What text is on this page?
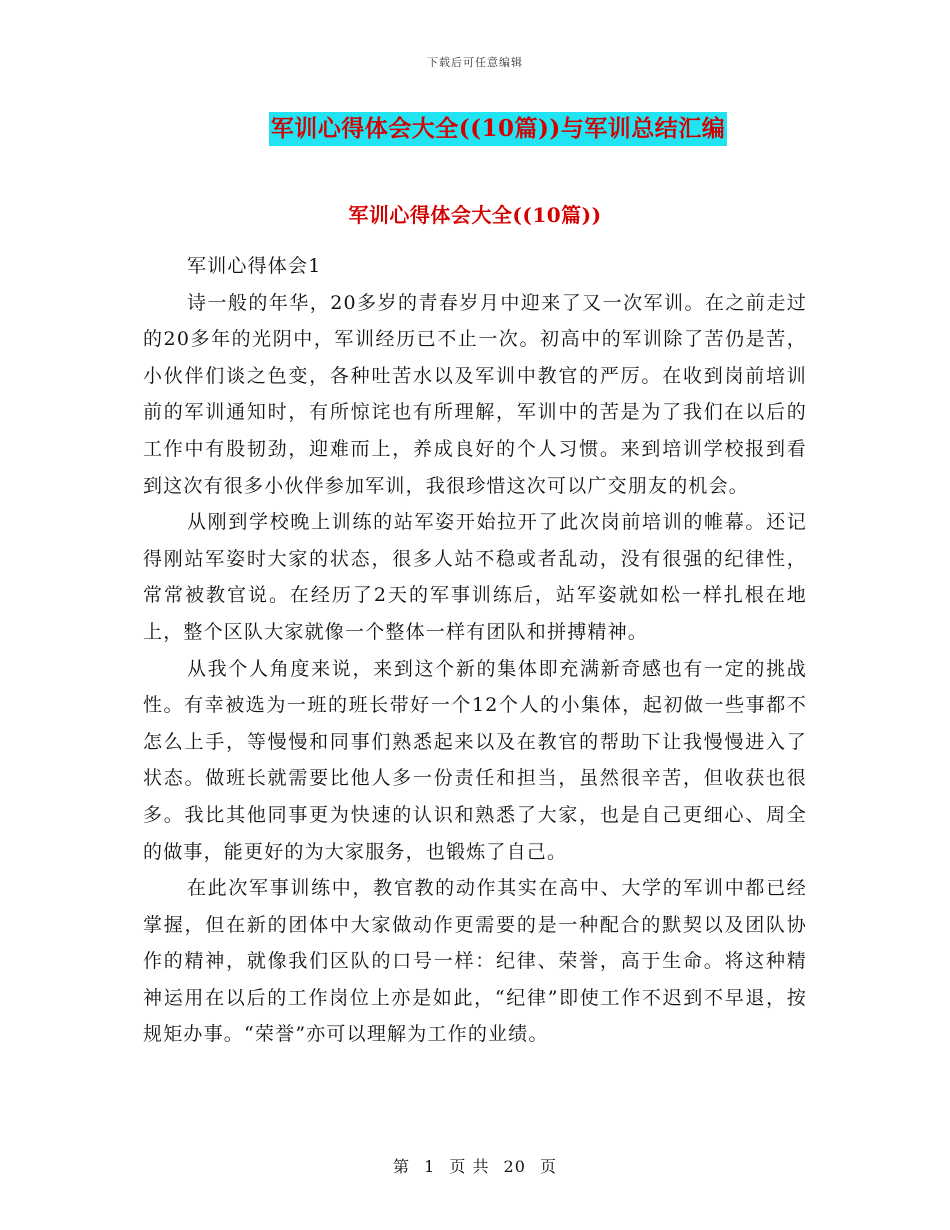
下载后可任意编辑
军训心得体会大全((10篇))与军训总结汇编
军训心得体会大全((10篇))

军训心得体会1

诗一般的年华，20多岁的青春岁月中迎来了又一次军训。在之前走过的20多年的光阴中，军训经历已不止一次。初高中的军训除了苦仍是苦，小伙伴们谈之色变，各种吐苦水以及军训中教官的严厉。在收到岗前培训前的军训通知时，有所惊诧也有所理解，军训中的苦是为了我们在以后的工作中有股韧劲，迎难而上，养成良好的个人习惯。来到培训学校报到看到这次有很多小伙伴参加军训，我很珍惜这次可以广交朋友的机会。

从刚到学校晚上训练的站军姿开始拉开了此次岗前培训的帷幕。还记得刚站军姿时大家的状态，很多人站不稳或者乱动，没有很强的纪律性，常常被教官说。在经历了2天的军事训练后，站军姿就如松一样扎根在地上，整个区队大家就像一个整体一样有团队和拼搏精神。

从我个人角度来说，来到这个新的集体即充满新奇感也有一定的挑战性。有幸被选为一班的班长带好一个12个人的小集体，起初做一些事都不怎么上手，等慢慢和同事们熟悉起来以及在教官的帮助下让我慢慢进入了状态。做班长就需要比他人多一份责任和担当，虽然很辛苦，但收获也很多。我比其他同事更为快速的认识和熟悉了大家，也是自己更细心、周全的做事，能更好的为大家服务，也锻炼了自己。

在此次军事训练中，教官教的动作其实在高中、大学的军训中都已经掌握，但在新的团体中大家做动作更需要的是一种配合的默契以及团队协作的精神，就像我们区队的口号一样：纪律、荣誉，高于生命。将这种精神运用在以后的工作岗位上亦是如此，“纪律”即使工作不迟到不早退，按规矩办事。“荣誉”亦可以理解为工作的业绩。

第 1 页 共 20 页
